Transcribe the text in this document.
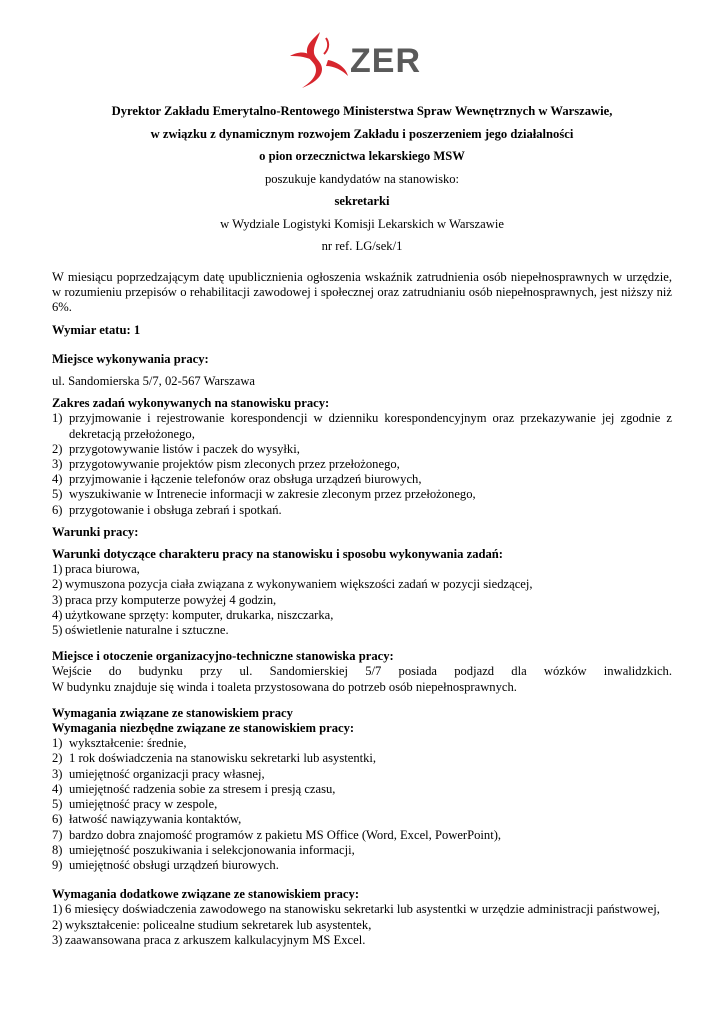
ZER
Dyrektor Zakładu Emerytalno-Rentowego Ministerstwa Spraw Wewnętrznych w Warszawie,
w związku z dynamicznym rozwojem Zakładu i poszerzeniem jego działalności
o pion orzecznictwa lekarskiego MSW
poszukuje kandydatów na stanowisko:
sekretarki
w Wydziale Logistyki Komisji Lekarskich w Warszawie
nr ref. LG/sek/1

W miesiącu poprzedzającym datę upublicznienia ogłoszenia wskaźnik zatrudnienia osób niepełnosprawnych w urzędzie, w rozumieniu przepisów o rehabilitacji zawodowej i społecznej oraz zatrudnianiu osób niepełnosprawnych, jest niższy niż 6%.

Wymiar etatu: 1

Miejsce wykonywania pracy:

ul. Sandomierska 5/7, 02-567 Warszawa

Zakres zadań wykonywanych na stanowisku pracy:

1) przyjmowanie i rejestrowanie korespondencji w dzienniku korespondencyjnym oraz przekazywanie jej zgodnie z dekretacją przełożonego,
2) przygotowywanie listów i paczek do wysyłki,
3) przygotowywanie projektów pism zleconych przez przełożonego,
4) przyjmowanie i łączenie telefonów oraz obsługa urządzeń biurowych,
5) wyszukiwanie w Intrenecie informacji w zakresie zleconym przez przełożonego,
6) przygotowanie i obsługa zebrań i spotkań.

Warunki pracy:

Warunki dotyczące charakteru pracy na stanowisku i sposobu wykonywania zadań:

1) praca biurowa,
2) wymuszona pozycja ciała związana z wykonywaniem większości zadań w pozycji siedzącej,
3) praca przy komputerze powyżej 4 godzin,
4) użytkowane sprzęty: komputer, drukarka, niszczarka,
5) oświetlenie naturalne i sztuczne.

Miejsce i otoczenie organizacyjno-techniczne stanowiska pracy:

Wejście do budynku przy ul. Sandomierskiej 5/7 posiada podjazd dla wózków inwalidzkich.

W budynku znajduje się winda i toaleta przystosowana do potrzeb osób niepełnosprawnych.

Wymagania związane ze stanowiskiem pracy

Wymagania niezbędne związane ze stanowiskiem pracy:

1) wykształcenie: średnie,
2) 1 rok doświadczenia na stanowisku sekretarki lub asystentki,
3) umiejętność organizacji pracy własnej,
4) umiejętność radzenia sobie za stresem i presją czasu,
5) umiejętność pracy w zespole,
6) łatwość nawiązywania kontaktów,
7) bardzo dobra znajomość programów z pakietu MS Office (Word, Excel, PowerPoint),
8) umiejętność poszukiwania i selekcjonowania informacji,
9) umiejętność obsługi urządzeń biurowych.

Wymagania dodatkowe związane ze stanowiskiem pracy:

1) 6 miesięcy doświadczenia zawodowego na stanowisku sekretarki lub asystentki w urzędzie administracji państwowej,
2) wykształcenie: policealne studium sekretarek lub asystentek,
3) zaawansowana praca z arkuszem kalkulacyjnym MS Excel.
